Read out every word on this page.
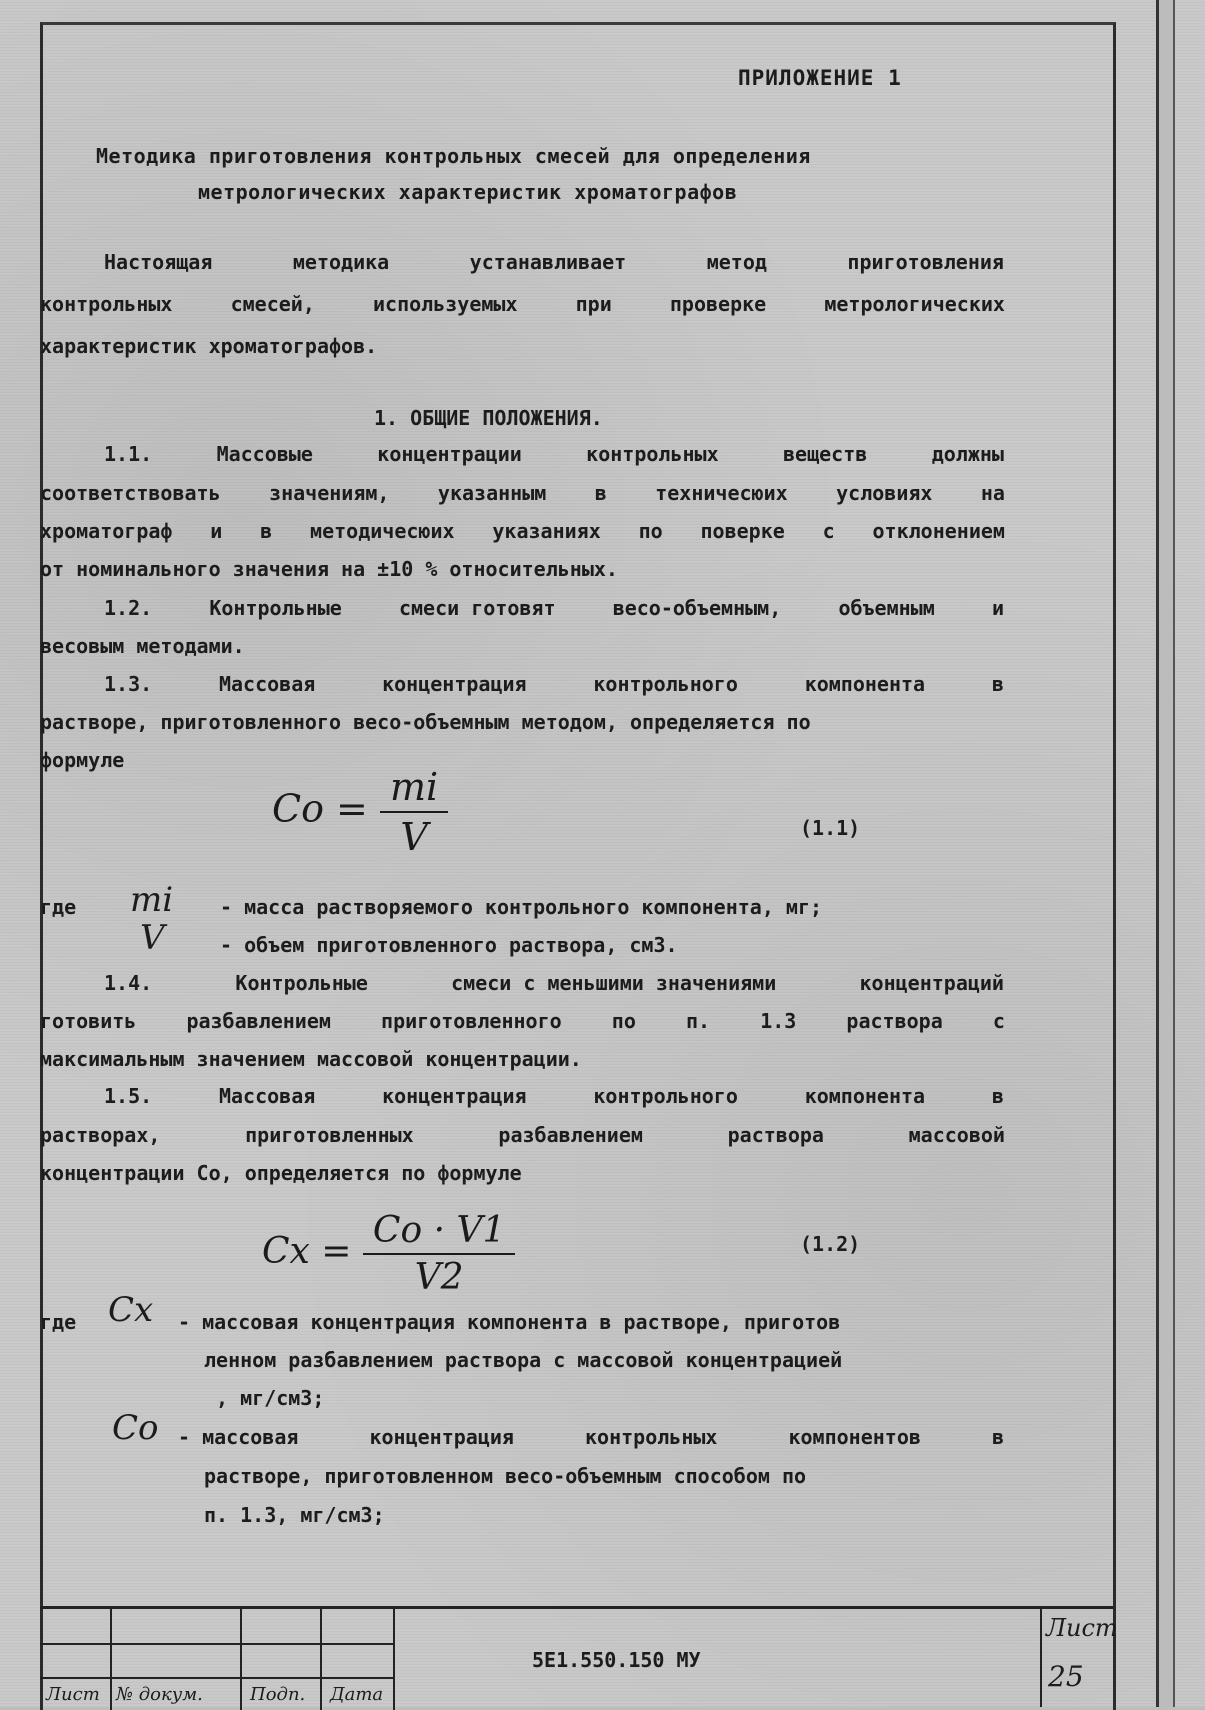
ПРИЛОЖЕНИЕ 1
Методика приготовления контрольных смесей для определения
метрологических характеристик хроматографов
Настоящая	методика	устанавливает	метод	приготовления
контрольных	смесей,	используемых	при	проверке	метрологических
характеристик хроматографов.
1. ОБЩИЕ ПОЛОЖЕНИЯ.
1.1.	Массовые	концентрации	контрольных	веществ	должны
соответствовать значениям, указанным в техничесюих условиях на
хроматограф и в методичесюих указаниях по поверке с отклонением
от номинального значения на ±10 % относительных.
1.2.	Контрольные	смеси готовят	весо-объемным,	объемным	и
весовым методами.
1.3.	Массовая	концентрация	контрольного	компонента	в
растворе, приготовленного весо-объемным методом, определяется по
формуле
$Co = \frac{mi}{V}$	(1.1)
где mi - масса растворяемого контрольного компонента, мг;
V	- объем приготовленного раствора, см3.
1.4.	Контрольные	смеси с меньшими значениями	концентраций
готовить	разбавлением	приготовленного	по	п.	1.3	раствора	с
максимальным значением массовой концентрации.
1.5.	Массовая	концентрация	контрольного	компонента	в
растворах,	приготовленных	разбавлением	раствора	массовой
концентрации Со, определяется по формуле
$Cx = \frac{Co \cdot V1}{V2}$	(1.2)
где Cx - массовая концентрация компонента в растворе, приготов
ленном разбавлением раствора с массовой концентрацией
, мг/см3;
Co - массовая	концентрация	контрольных	компонентов	в
растворе, приготовленном весо-объемным способом по
п. 1.3, мг/см3;
5Е1.550.150 МУ
Лист
25
Лист № докум.	Подп. Дата
